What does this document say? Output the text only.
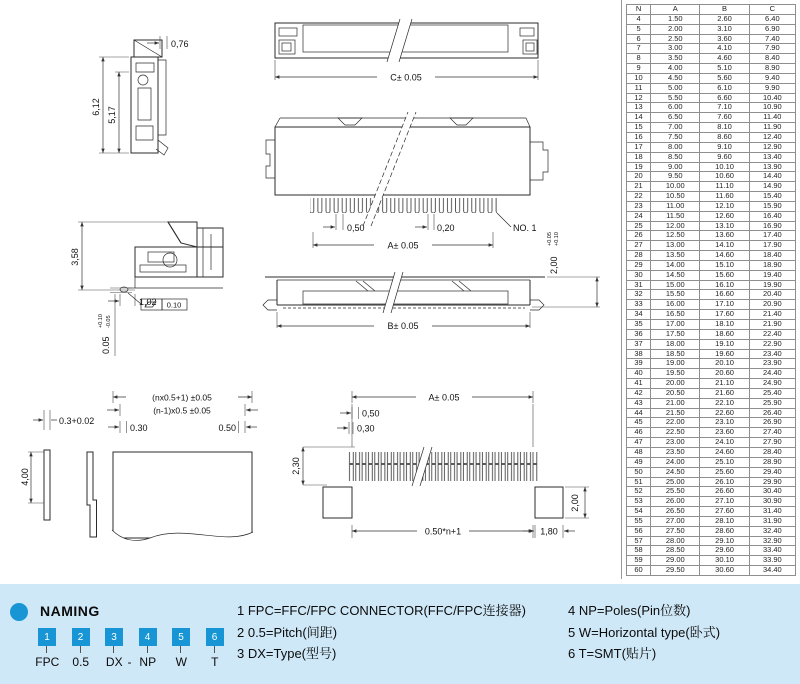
0,76
6,12 5,17
C± 0.05
0,50	0,20
A± 0.05
NO. 1
B± 0.05
2,00
+0.05 +0.10
3,58
1,02 0.10
0.05
+0.10 -0.05
0.3+0.02
4,00
(nx0.5+1) ±0.05
(n-1)x0.5 ±0.05
0.30	0.50
A± 0.05
0,50
0,30
2,30
2,00
0.50*n+1	1,80
N	A	B	C
4	1.50	2.60	6.40
5	2.00	3.10	6.90
6	2.50	3.60	7.40
7	3.00	4.10	7.90
8	3.50	4.60	8.40
9	4.00	5.10	8.90
10	4.50	5.60	9.40
11	5.00	6.10	9.90
12	5.50	6.60	10.40
13	6.00	7.10	10.90
14	6.50	7.60	11.40
15	7.00	8.10	11.90
16	7.50	8.60	12.40
17	8.00	9.10	12.90
18	8.50	9.60	13.40
19	9.00	10.10	13.90
20	9.50	10.60	14.40
21	10.00	11.10	14.90
22	10.50	11.60	15.40
23	11.00	12.10	15.90
24	11.50	12.60	16.40
25	12.00	13.10	16.90
26	12.50	13.60	17.40
27	13.00	14.10	17.90
28	13.50	14.60	18.40
29	14.00	15.10	18.90
30	14.50	15.60	19.40
31	15.00	16.10	19.90
32	15.50	16.60	20.40
33	16.00	17.10	20.90
34	16.50	17.60	21.40
35	17.00	18.10	21.90
36	17.50	18.60	22.40
37	18.00	19.10	22.90
38	18.50	19.60	23.40
39	19.00	20.10	23.90
40	19.50	20.60	24.40
41	20.00	21.10	24.90
42	20.50	21.60	25.40
43	21.00	22.10	25.90
44	21.50	22.60	26.40
45	22.00	23.10	26.90
46	22.50	23.60	27.40
47	23.00	24.10	27.90
48	23.50	24.60	28.40
49	24.00	25.10	28.90
50	24.50	25.60	29.40
51	25.00	26.10	29.90
52	25.50	26.60	30.40
53	26.00	27.10	30.90
54	26.50	27.60	31.40
55	27.00	28.10	31.90
56	27.50	28.60	32.40
57	28.00	29.10	32.90
58	28.50	29.60	33.40
59	29.00	30.10	33.90
60	29.50	30.60	34.40
NAMING
1	2	3	4	5	6
FPC	0.5	DX - NP	W	T
1 FPC=FFC/FPC CONNECTOR(FFC/FPC连接器)
2 0.5=Pitch(间距)
3 DX=Type(型号)
4 NP=Poles(Pin位数)
5 W=Horizontal type(卧式)
6 T=SMT(贴片)
